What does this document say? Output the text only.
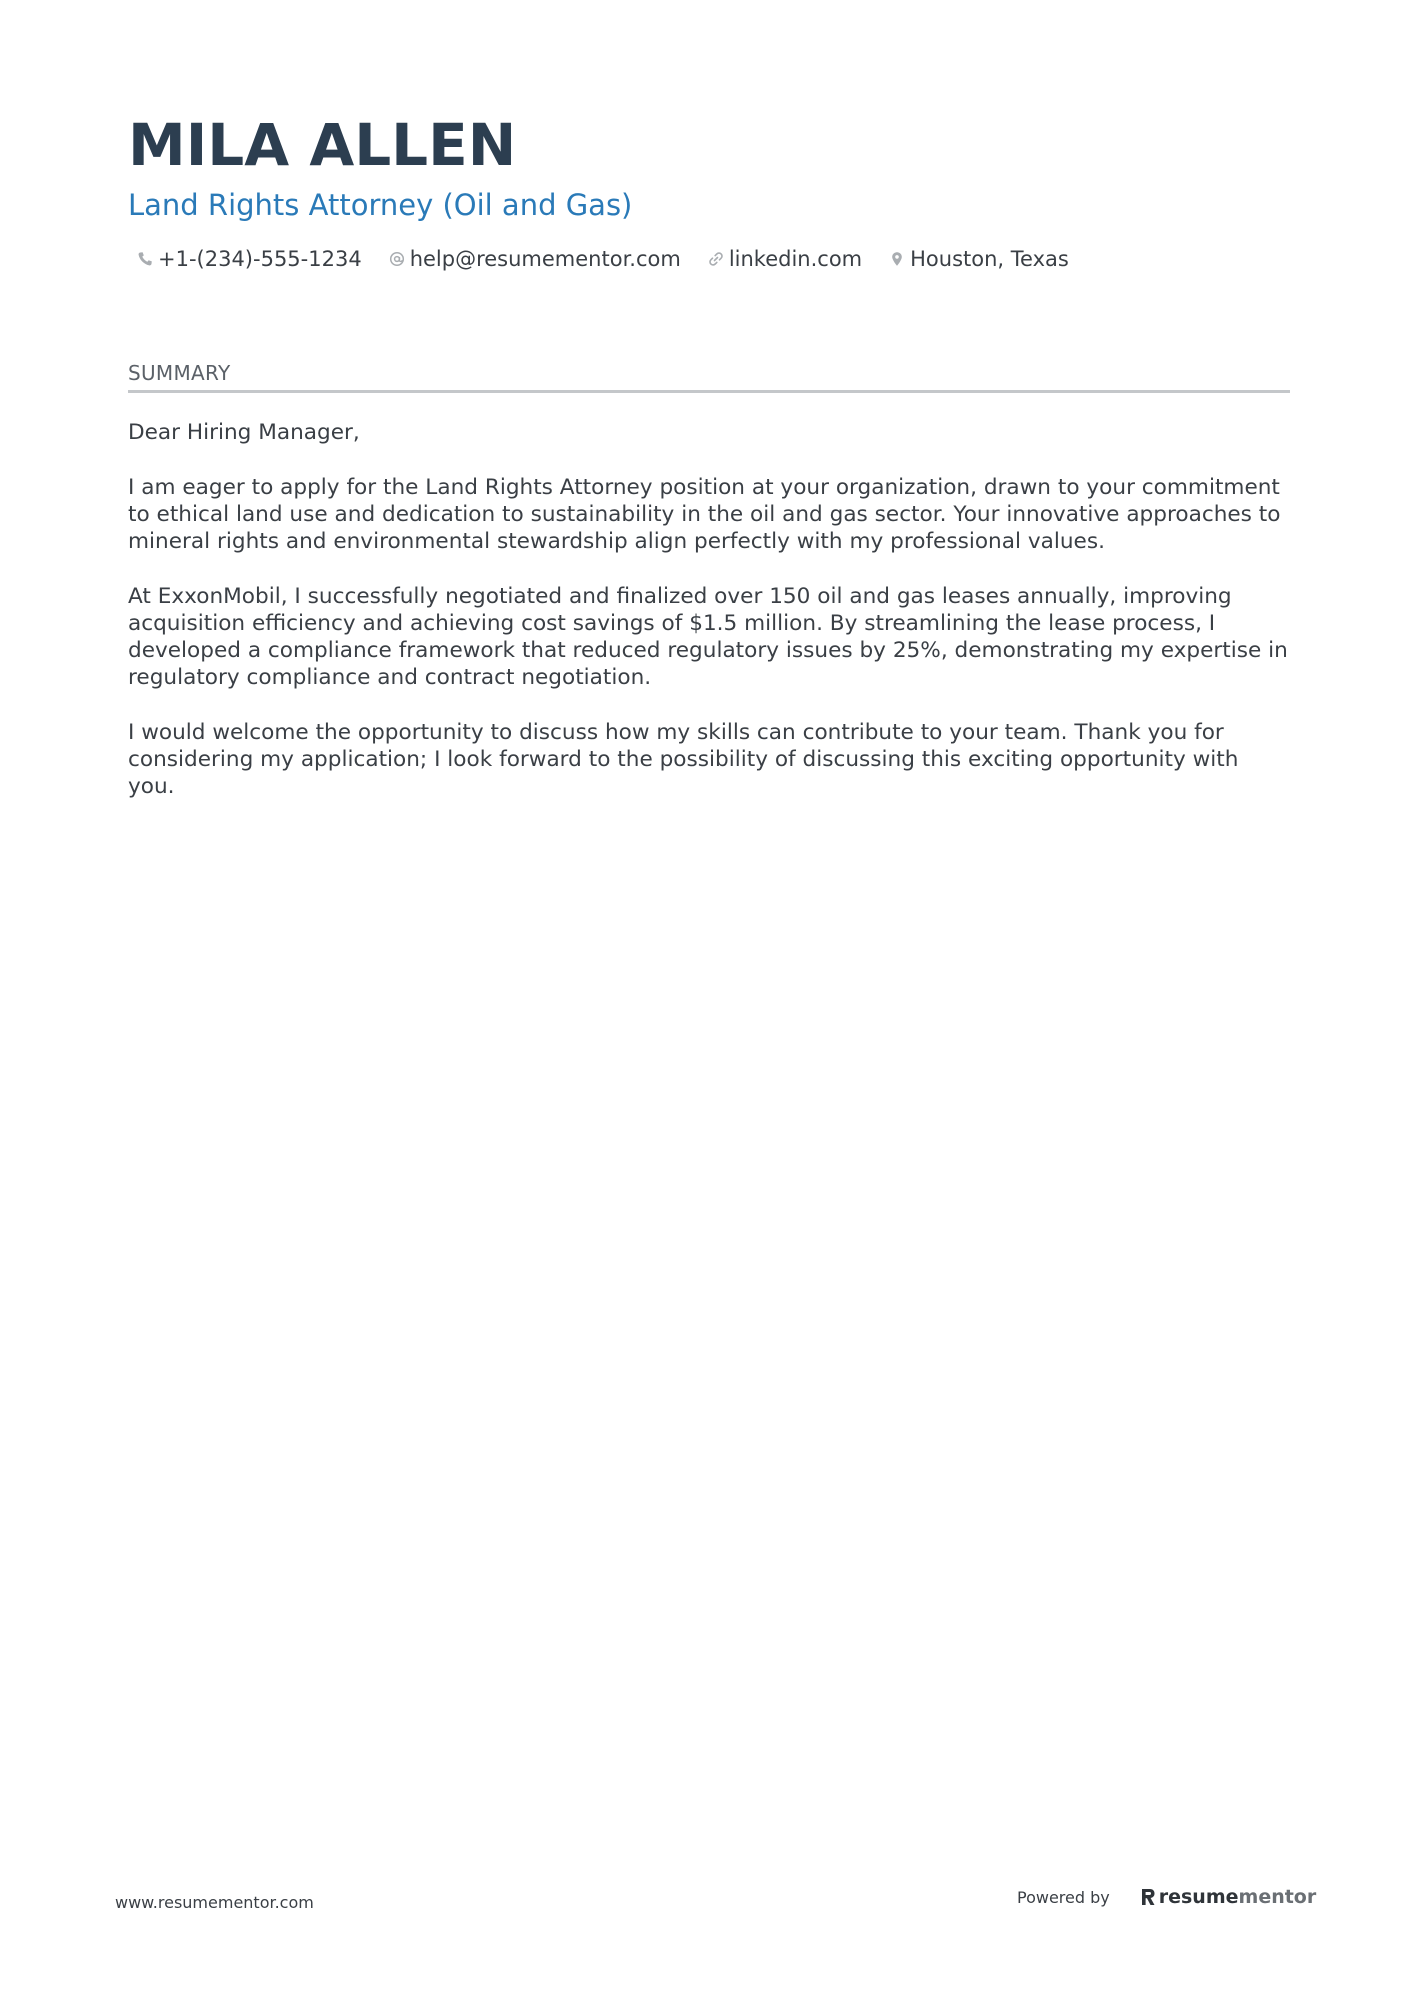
MILA ALLEN
Land Rights Attorney (Oil and Gas)
+1-(234)-555-1234 help@resumementor.com linkedin.com Houston, Texas
SUMMARY

Dear Hiring Manager,

I am eager to apply for the Land Rights Attorney position at your organization, drawn to your commitment to ethical land use and dedication to sustainability in the oil and gas sector. Your innovative approaches to mineral rights and environmental stewardship align perfectly with my professional values.

At ExxonMobil, I successfully negotiated and finalized over 150 oil and gas leases annually, improving acquisition efficiency and achieving cost savings of $1.5 million. By streamlining the lease process, I developed a compliance framework that reduced regulatory issues by 25%, demonstrating my expertise in regulatory compliance and contract negotiation.

I would welcome the opportunity to discuss how my skills can contribute to your team. Thank you for considering my application; I look forward to the possibility of discussing this exciting opportunity with you.

www.resumementor.com	Powered by	resume mentor
